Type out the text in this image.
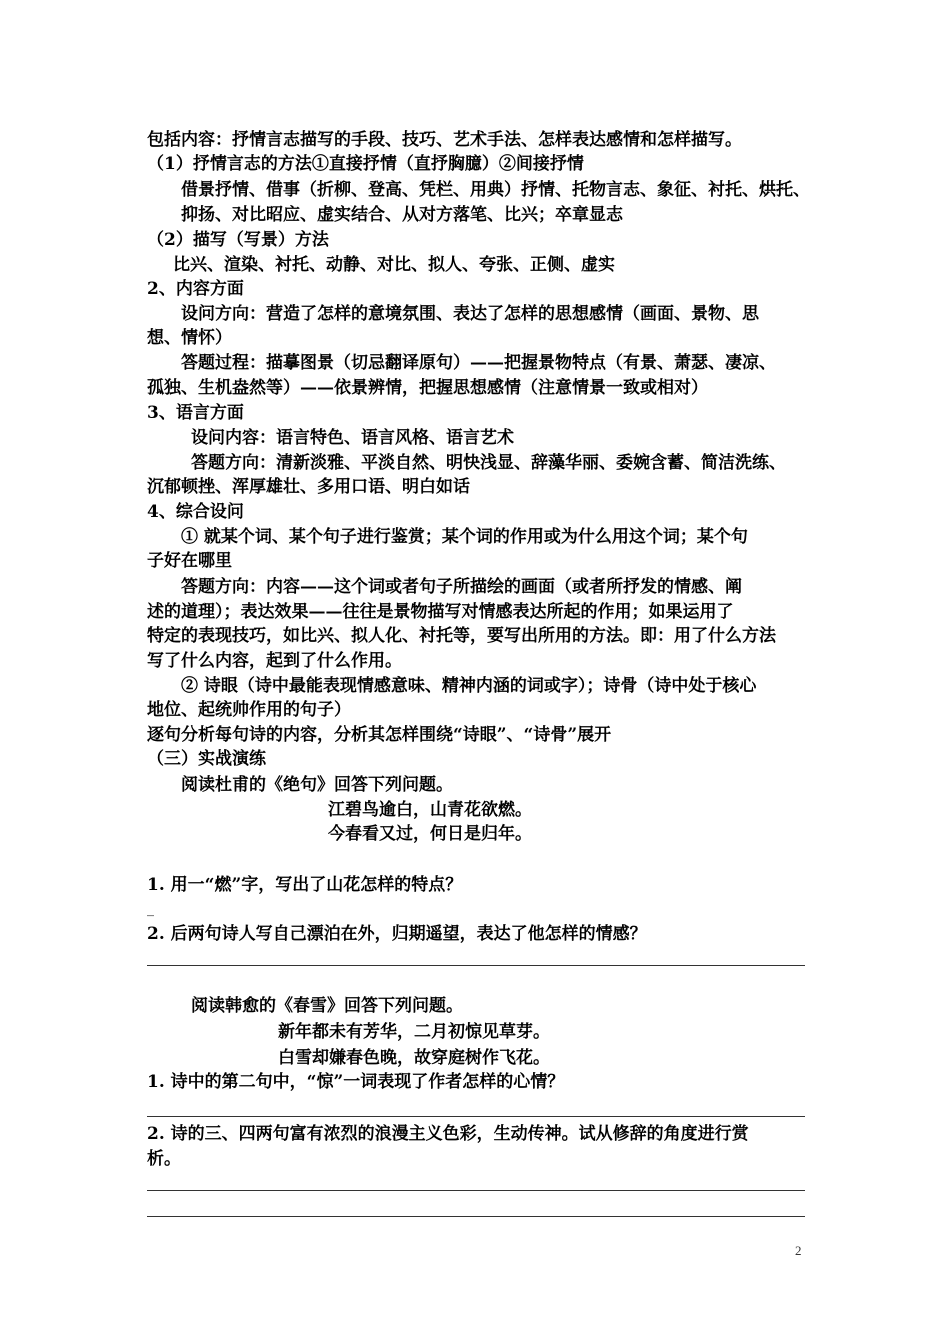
包括内容：抒情言志描写的手段、技巧、艺术手法、怎样表达感情和怎样描写。
（1）抒情言志的方法①直接抒情（直抒胸臆）②间接抒情
借景抒情、借事（折柳、登高、凭栏、用典）抒情、托物言志、象征、衬托、烘托、
抑扬、对比昭应、虚实结合、从对方落笔、比兴；卒章显志
（2）描写（写景）方法
比兴、渲染、衬托、动静、对比、拟人、夸张、正侧、虚实
2、内容方面
设问方向：营造了怎样的意境氛围、表达了怎样的思想感情（画面、景物、思
想、情怀）
答题过程：描摹图景（切忌翻译原句）——把握景物特点（有景、萧瑟、凄凉、
孤独、生机盎然等）——依景辨情，把握思想感情（注意情景一致或相对）
3、语言方面
设问内容：语言特色、语言风格、语言艺术
答题方向：清新淡雅、平淡自然、明快浅显、辞藻华丽、委婉含蓄、简洁洗练、
沉郁顿挫、浑厚雄壮、多用口语、明白如话
4、综合设问
① 就某个词、某个句子进行鉴赏；某个词的作用或为什么用这个词；某个句
子好在哪里
答题方向：内容——这个词或者句子所描绘的画面（或者所抒发的情感、阐
述的道理）；表达效果——往往是景物描写对情感表达所起的作用；如果运用了
特定的表现技巧，如比兴、拟人化、衬托等，要写出所用的方法。即：用了什么方法
写了什么内容，起到了什么作用。
② 诗眼（诗中最能表现情感意味、精神内涵的词或字）；诗骨（诗中处于核心
地位、起统帅作用的句子）
逐句分析每句诗的内容，分析其怎样围绕“诗眼”、“诗骨”展开
（三）实战演练
阅读杜甫的《绝句》回答下列问题。
江碧鸟逾白，山青花欲燃。
今春看又过，何日是归年。
1. 用一“燃”字，写出了山花怎样的特点？
_
2. 后两句诗人写自己漂泊在外，归期遥望，表达了他怎样的情感？
阅读韩愈的《春雪》回答下列问题。
新年都未有芳华，二月初惊见草芽。
白雪却嫌春色晚，故穿庭树作飞花。
1. 诗中的第二句中，“惊”一词表现了作者怎样的心情？
2. 诗的三、四两句富有浓烈的浪漫主义色彩，生动传神。试从修辞的角度进行赏
析。
2
